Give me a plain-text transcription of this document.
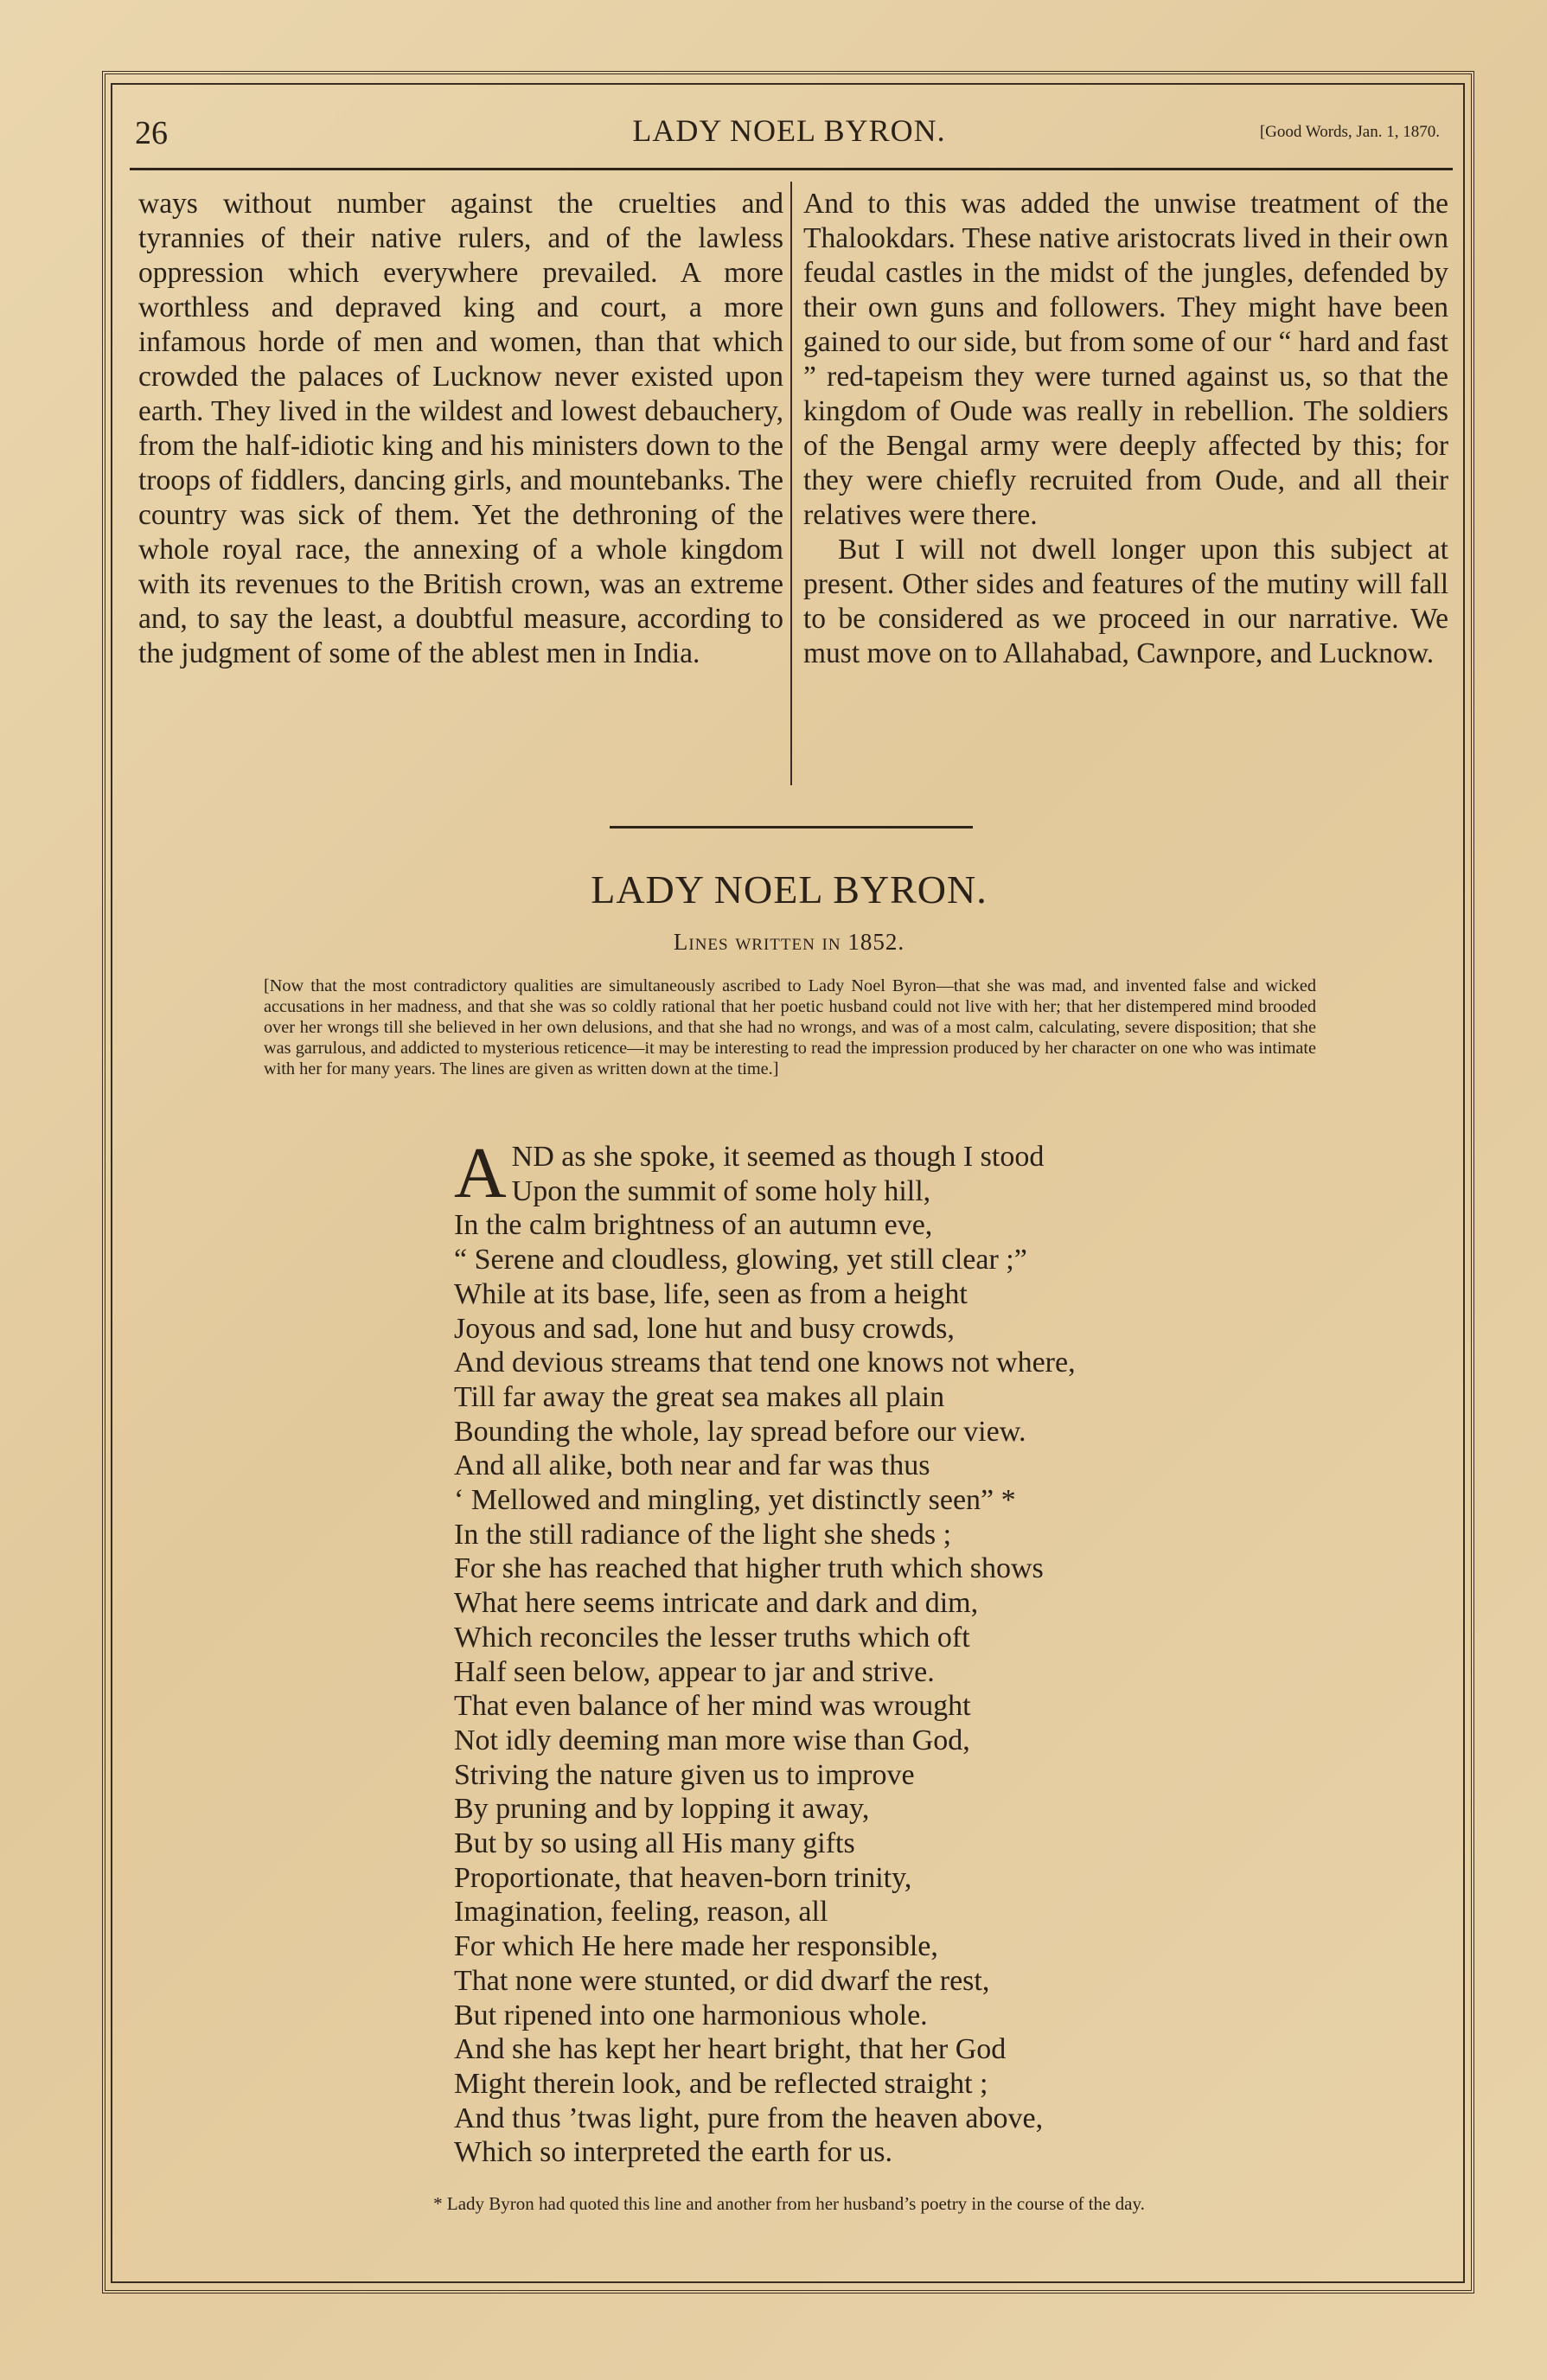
26	LADY NOEL BYRON.	[Good Words, Jan. 1, 1870.

ways without number against the cruelties and tyrannies of their native rulers, and of the lawless oppression which everywhere prevailed. A more worthless and depraved king and court, a more infamous horde of men and women, than that which crowded the palaces of Lucknow never existed upon earth. They lived in the wildest and lowest debauchery, from the half-idiotic king and his ministers down to the troops of fiddlers, dancing girls, and mountebanks. The country was sick of them. Yet the dethroning of the whole royal race, the annexing of a whole kingdom with its revenues to the British crown, was an extreme and, to say the least, a doubtful measure, according to the judgment of some of the ablest men in India.

And to this was added the unwise treatment of the Thalookdars. These native aristocrats lived in their own feudal castles in the midst of the jungles, defended by their own guns and followers. They might have been gained to our side, but from some of our “ hard and fast ” red-tapeism they were turned against us, so that the kingdom of Oude was really in rebellion. The soldiers of the Bengal army were deeply affected by this; for they were chiefly recruited from Oude, and all their relatives were there.

But I will not dwell longer upon this subject at present. Other sides and features of the mutiny will fall to be considered as we proceed in our narrative. We must move on to Allahabad, Cawnpore, and Lucknow.

LADY NOEL BYRON.
Lines written in 1852.
[Now that the most contradictory qualities are simultaneously ascribed to Lady Noel Byron—that she was mad, and invented false and wicked accusations in her madness, and that she was so coldly rational that her poetic husband could not live with her; that her distempered mind brooded over her wrongs till she believed in her own delusions, and that she had no wrongs, and was of a most calm, calculating, severe disposition; that she was garrulous, and addicted to mysterious reticence—it may be interesting to read the impression produced by her character on one who was intimate with her for many years. The lines are given as written down at the time.]
A ND as she spoke, it seemed as though I stood
Upon the summit of some holy hill,
In the calm brightness of an autumn eve,
“ Serene and cloudless, glowing, yet still clear ;”
While at its base, life, seen as from a height
Joyous and sad, lone hut and busy crowds,
And devious streams that tend one knows not where,
Till far away the great sea makes all plain
Bounding the whole, lay spread before our view.
And all alike, both near and far was thus
‘ Mellowed and mingling, yet distinctly seen” *
In the still radiance of the light she sheds ;
For she has reached that higher truth which shows
What here seems intricate and dark and dim,
Which reconciles the lesser truths which oft
Half seen below, appear to jar and strive.
That even balance of her mind was wrought
Not idly deeming man more wise than God,
Striving the nature given us to improve
By pruning and by lopping it away,
But by so using all His many gifts
Proportionate, that heaven-born trinity,
Imagination, feeling, reason, all
For which He here made her responsible,
That none were stunted, or did dwarf the rest,
But ripened into one harmonious whole.
And she has kept her heart bright, that her God
Might therein look, and be reflected straight ;
And thus ’twas light, pure from the heaven above,
Which so interpreted the earth for us.
* Lady Byron had quoted this line and another from her husband’s poetry in the course of the day.
